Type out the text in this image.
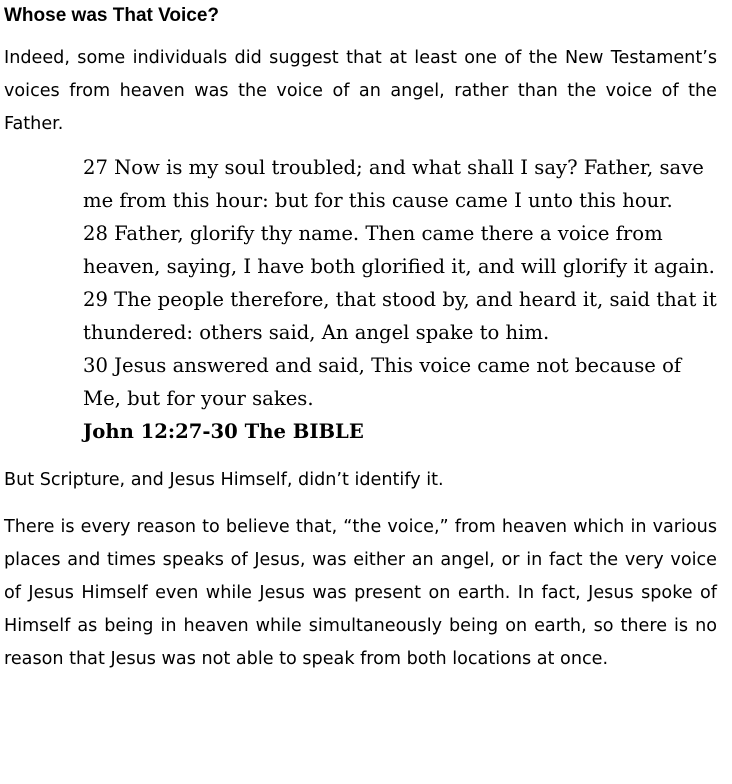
Whose was That Voice?

Indeed, some individuals did suggest that at least one of the New Testament’s voices from heaven was the voice of an angel, rather than the voice of the Father.

27 Now is my soul troubled; and what shall I say? Father, save me from this hour: but for this cause came I unto this hour.

28 Father, glorify thy name. Then came there a voice from heaven, saying, I have both glorified it, and will glorify it again.

29 The people therefore, that stood by, and heard it, said that it thundered: others said, An angel spake to him.

30 Jesus answered and said, This voice came not because of Me, but for your sakes.

John 12:27-30 The BIBLE

But Scripture, and Jesus Himself, didn’t identify it.

There is every reason to believe that, “the voice,” from heaven which in various places and times speaks of Jesus, was either an angel, or in fact the very voice of Jesus Himself even while Jesus was present on earth. In fact, Jesus spoke of Himself as being in heaven while simultaneously being on earth, so there is no reason that Jesus was not able to speak from both locations at once.
